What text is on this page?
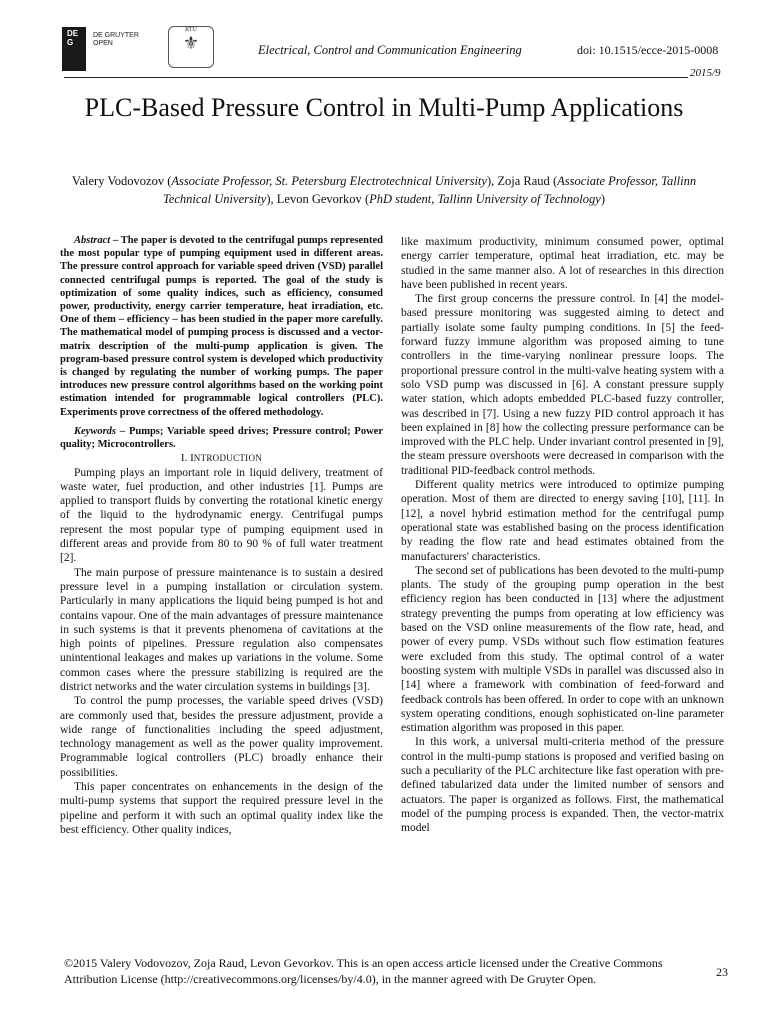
DE G
DE GRUYTER
OPEN
RTU
⚜	Electrical, Control and Communication Engineering	doi: 10.1515/ecce-2015-0008
2015/9
PLC-Based Pressure Control in Multi-Pump Applications
Valery Vodovozov (Associate Professor, St. Petersburg Electrotechnical University), Zoja Raud (Associate Professor, Tallinn Technical University), Levon Gevorkov (PhD student, Tallinn University of Technology)

Abstract – The paper is devoted to the centrifugal pumps represented the most popular type of pumping equipment used in different areas. The pressure control approach for variable speed driven (VSD) parallel connected centrifugal pumps is reported. The goal of the study is optimization of some quality indices, such as efficiency, consumed power, productivity, energy carrier temperature, heat irradiation, etc. One of them – efficiency – has been studied in the paper more carefully. The mathematical model of pumping process is discussed and a vector-matrix description of the multi-pump application is given. The program-based pressure control system is developed which productivity is changed by regulating the number of working pumps. The paper introduces new pressure control algorithms based on the working point estimation intended for programmable logical controllers (PLC). Experiments prove correctness of the offered methodology.

Keywords – Pumps; Variable speed drives; Pressure control; Power quality; Microcontrollers.

I. INTRODUCTION

Pumping plays an important role in liquid delivery, treatment of waste water, fuel production, and other industries [1]. Pumps are applied to transport fluids by converting the rotational kinetic energy of the liquid to the hydrodynamic energy. Centrifugal pumps represent the most popular type of pumping equipment used in different areas and provide from 80 to 90 % of full water treatment [2].

The main purpose of pressure maintenance is to sustain a desired pressure level in a pumping installation or circulation system. Particularly in many applications the liquid being pumped is hot and contains vapour. One of the main advantages of pressure maintenance in such systems is that it prevents phenomena of cavitations at the high points of pipelines. Pressure regulation also compensates unintentional leakages and makes up variations in the volume. Some common cases where the pressure stabilizing is required are the district networks and the water circulation systems in buildings [3].

To control the pump processes, the variable speed drives (VSD) are commonly used that, besides the pressure adjustment, provide a wide range of functionalities including the speed adjustment, technology management as well as the power quality improvement. Programmable logical controllers (PLC) broadly enhance their possibilities.

This paper concentrates on enhancements in the design of the multi-pump systems that support the required pressure level in the pipeline and perform it with such an optimal quality index like the best efficiency. Other quality indices,

like maximum productivity, minimum consumed power, optimal energy carrier temperature, optimal heat irradiation, etc. may be studied in the same manner also. A lot of researches in this direction have been published in recent years.

The first group concerns the pressure control. In [4] the model-based pressure monitoring was suggested aiming to detect and partially isolate some faulty pumping conditions. In [5] the feed-forward fuzzy immune algorithm was proposed aiming to tune controllers in the time-varying nonlinear pressure loops. The proportional pressure control in the multi-valve heating system with a solo VSD pump was discussed in [6]. A constant pressure supply water station, which adopts embedded PLC-based fuzzy controller, was described in [7]. Using a new fuzzy PID control approach it has been explained in [8] how the collecting pressure performance can be improved with the PLC help. Under invariant control presented in [9], the steam pressure overshoots were decreased in comparison with the traditional PID-feedback control methods.

Different quality metrics were introduced to optimize pumping operation. Most of them are directed to energy saving [10], [11]. In [12], a novel hybrid estimation method for the centrifugal pump operational state was established basing on the process identification by reading the flow rate and head estimates obtained from the manufacturers' characteristics.

The second set of publications has been devoted to the multi-pump plants. The study of the grouping pump operation in the best efficiency region has been conducted in [13] where the adjustment strategy preventing the pumps from operating at low efficiency was based on the VSD online measurements of the flow rate, head, and power of every pump. VSDs without such flow estimation features were excluded from this study. The optimal control of a water boosting system with multiple VSDs in parallel was discussed also in [14] where a framework with combination of feed-forward and feedback controls has been offered. In order to cope with an unknown system operating conditions, enough sophisticated on-line parameter estimation algorithm was proposed in this paper.

In this work, a universal multi-criteria method of the pressure control in the multi-pump stations is proposed and verified basing on such a peculiarity of the PLC architecture like fast operation with pre-defined tabularized data under the limited number of sensors and actuators. The paper is organized as follows. First, the mathematical model of the pumping process is expanded. Then, the vector-matrix model

©2015 Valery Vodovozov, Zoja Raud, Levon Gevorkov. This is an open access article licensed under the Creative Commons Attribution License (http://creativecommons.org/licenses/by/4.0), in the manner agreed with De Gruyter Open.	23
